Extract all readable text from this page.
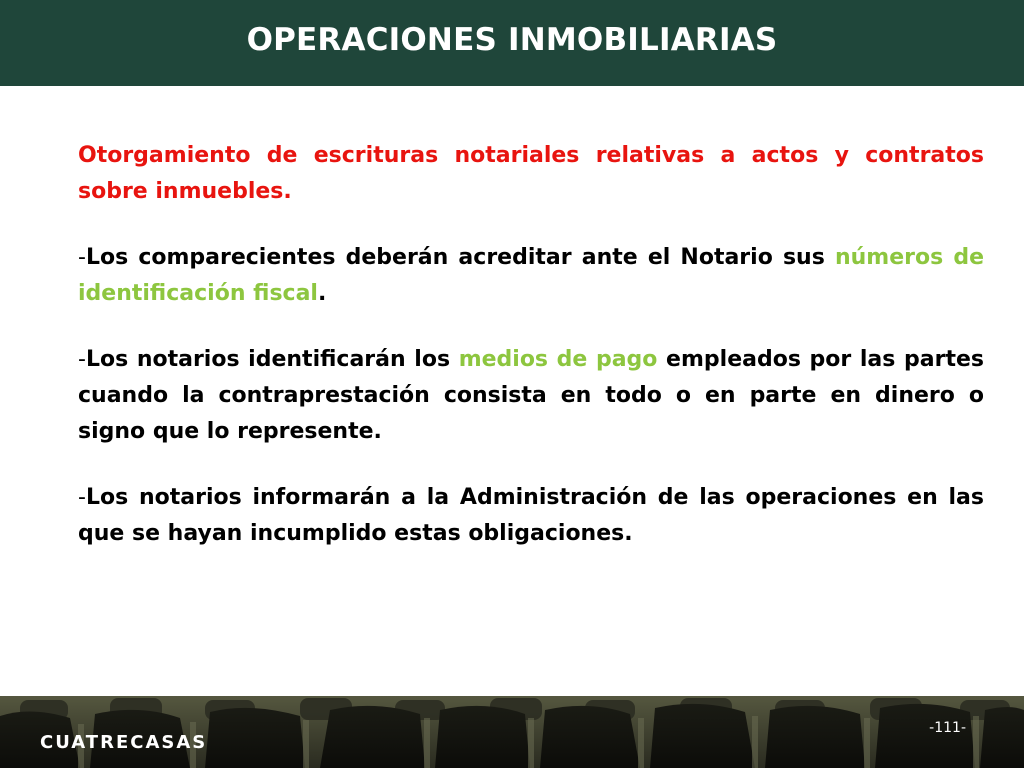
OPERACIONES INMOBILIARIAS

Otorgamiento de escrituras notariales relativas a actos y contratos sobre inmuebles.

-Los comparecientes deberán acreditar ante el Notario sus números de identificación fiscal.

-Los notarios identificarán los medios de pago empleados por las partes cuando la contraprestación consista en todo o en parte en dinero o signo que lo represente.

-Los notarios informarán a la Administración de las operaciones en las que se hayan incumplido estas obligaciones.

CUATRECASAS
-111-
